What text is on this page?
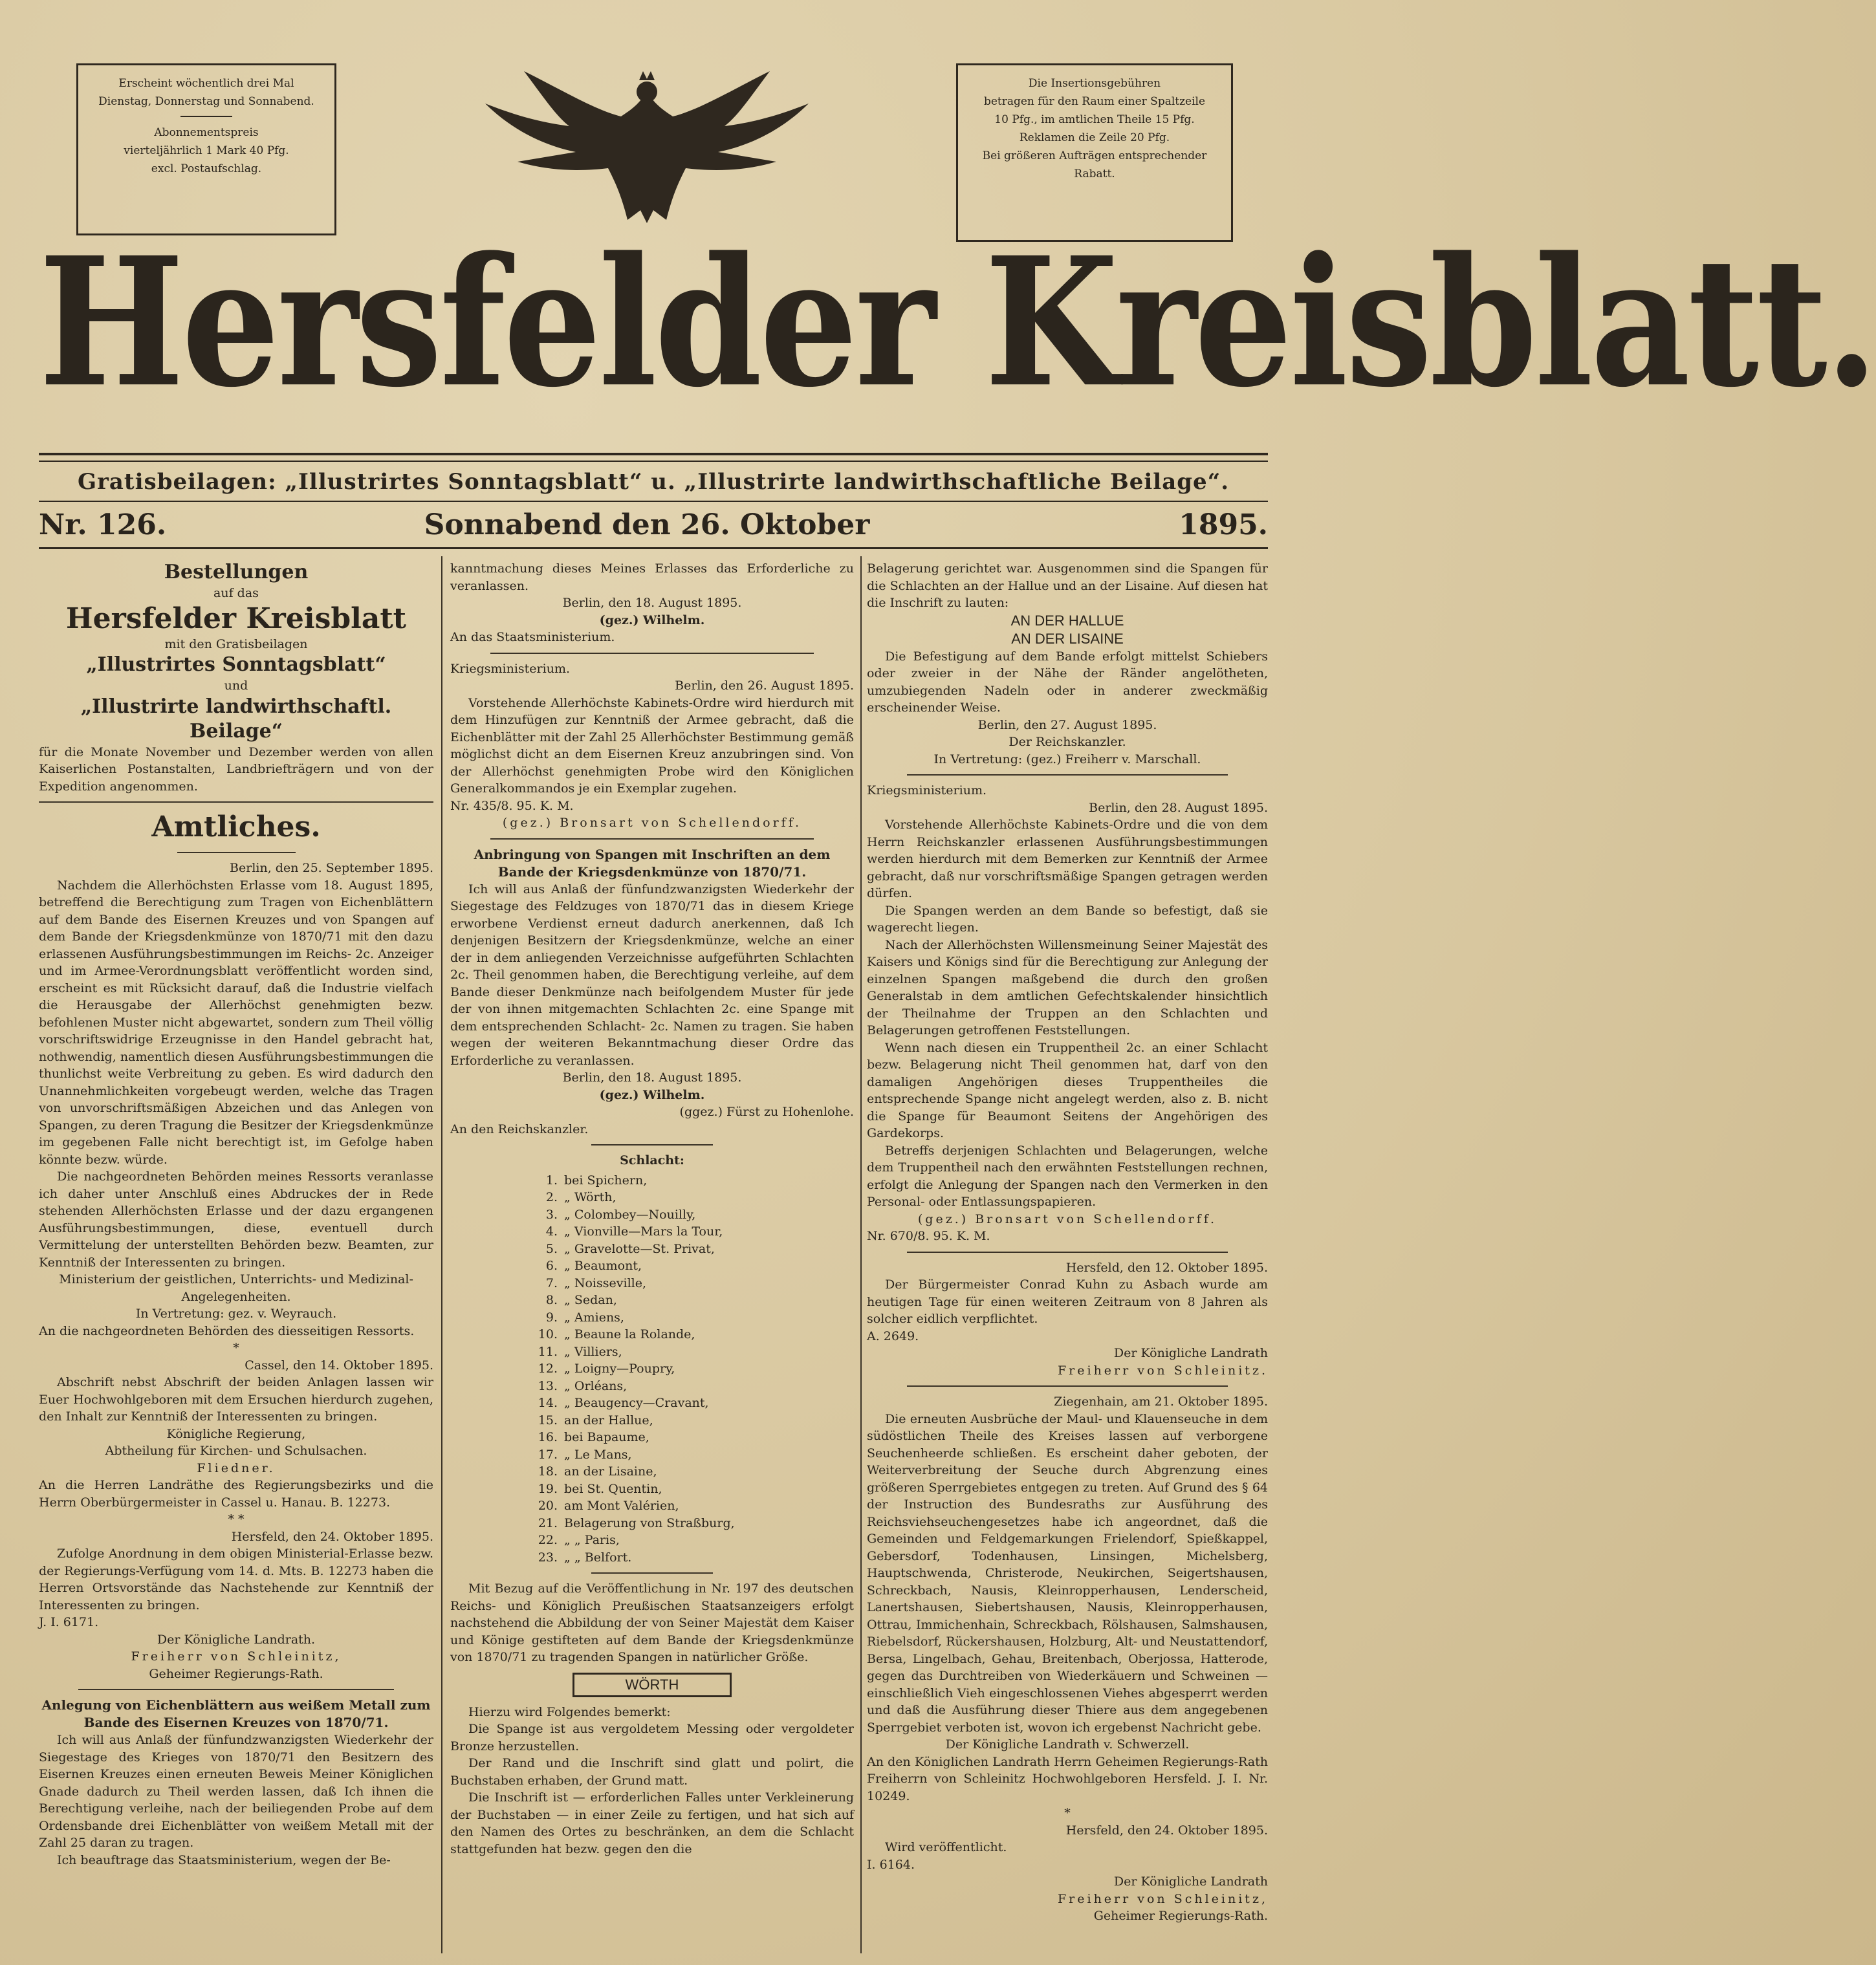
Erscheint wöchentlich drei Mal
Dienstag, Donnerstag und Sonnabend.
Abonnementspreis
vierteljährlich 1 Mark 40 Pfg.
excl. Postaufschlag.
Die Insertionsgebühren
betragen für den Raum einer Spaltzeile
10 Pfg., im amtlichen Theile 15 Pfg.
Reklamen die Zeile 20 Pfg.
Bei größeren Aufträgen entsprechender
Rabatt.
Hersfelder Kreisblatt.
Gratisbeilagen: „Illustrirtes Sonntagsblatt“ u. „Illustrirte landwirthschaftliche Beilage“.
Nr. 126.	Sonnabend den 26. Oktober	1895.

Bestellungen

auf das

Hersfelder Kreisblatt

mit den Gratisbeilagen

„Illustrirtes Sonntagsblatt“

und

„Illustrirte landwirthschaftl. Beilage“

für die Monate November und Dezember werden von allen Kaiserlichen Postanstalten, Landbriefträgern und von der Expedition angenommen.

Amtliches.

Berlin, den 25. September 1895.

Nachdem die Allerhöchsten Erlasse vom 18. August 1895, betreffend die Berechtigung zum Tragen von Eichenblättern auf dem Bande des Eisernen Kreuzes und von Spangen auf dem Bande der Kriegsdenkmünze von 1870/71 mit den dazu erlassenen Ausführungsbestimmungen im Reichs- 2c. Anzeiger und im Armee-Verordnungsblatt veröffentlicht worden sind, erscheint es mit Rücksicht darauf, daß die Industrie vielfach die Herausgabe der Allerhöchst genehmigten bezw. befohlenen Muster nicht abgewartet, sondern zum Theil völlig vorschriftswidrige Erzeugnisse in den Handel gebracht hat, nothwendig, namentlich diesen Ausführungsbestimmungen die thunlichst weite Verbreitung zu geben. Es wird dadurch den Unannehmlichkeiten vorgebeugt werden, welche das Tragen von unvorschriftsmäßigen Abzeichen und das Anlegen von Spangen, zu deren Tragung die Besitzer der Kriegsdenkmünze im gegebenen Falle nicht berechtigt ist, im Gefolge haben könnte bezw. würde.

Die nachgeordneten Behörden meines Ressorts veranlasse ich daher unter Anschluß eines Abdruckes der in Rede stehenden Allerhöchsten Erlasse und der dazu ergangenen Ausführungsbestimmungen, diese, eventuell durch Vermittelung der unterstellten Behörden bezw. Beamten, zur Kenntniß der Interessenten zu bringen.

Ministerium der geistlichen, Unterrichts- und Medizinal-Angelegenheiten.

In Vertretung: gez. v. Weyrauch.

An die nachgeordneten Behörden des diesseitigen Ressorts.

*

Cassel, den 14. Oktober 1895.

Abschrift nebst Abschrift der beiden Anlagen lassen wir Euer Hochwohlgeboren mit dem Ersuchen hierdurch zugehen, den Inhalt zur Kenntniß der Interessenten zu bringen.

Königliche Regierung,

Abtheilung für Kirchen- und Schulsachen.

Fliedner.

An die Herren Landräthe des Regierungsbezirks und die Herrn Oberbürgermeister in Cassel u. Hanau. B. 12273.

* *

Hersfeld, den 24. Oktober 1895.

Zufolge Anordnung in dem obigen Ministerial-Erlasse bezw. der Regierungs-Verfügung vom 14. d. Mts. B. 12273 haben die Herren Ortsvorstände das Nachstehende zur Kenntniß der Interessenten zu bringen.

J. I. 6171.

Der Königliche Landrath.

Freiherr von Schleinitz,

Geheimer Regierungs-Rath.

Anlegung von Eichenblättern aus weißem Metall zum Bande des Eisernen Kreuzes von 1870/71.

Ich will aus Anlaß der fünfundzwanzigsten Wiederkehr der Siegestage des Krieges von 1870/71 den Besitzern des Eisernen Kreuzes einen erneuten Beweis Meiner Königlichen Gnade dadurch zu Theil werden lassen, daß Ich ihnen die Berechtigung verleihe, nach der beiliegenden Probe auf dem Ordensbande drei Eichenblätter von weißem Metall mit der Zahl 25 daran zu tragen.

Ich beauftrage das Staatsministerium, wegen der Be-

kanntmachung dieses Meines Erlasses das Erforderliche zu veranlassen.

Berlin, den 18. August 1895.

(gez.) Wilhelm.

An das Staatsministerium.

Kriegsministerium.

Berlin, den 26. August 1895.

Vorstehende Allerhöchste Kabinets-Ordre wird hierdurch mit dem Hinzufügen zur Kenntniß der Armee gebracht, daß die Eichenblätter mit der Zahl 25 Allerhöchster Bestimmung gemäß möglichst dicht an dem Eisernen Kreuz anzubringen sind. Von der Allerhöchst genehmigten Probe wird den Königlichen Generalkommandos je ein Exemplar zugehen.

Nr. 435/8. 95. K. M.

(gez.) Bronsart von Schellendorff.

Anbringung von Spangen mit Inschriften an dem Bande der Kriegsdenkmünze von 1870/71.

Ich will aus Anlaß der fünfundzwanzigsten Wiederkehr der Siegestage des Feldzuges von 1870/71 das in diesem Kriege erworbene Verdienst erneut dadurch anerkennen, daß Ich denjenigen Besitzern der Kriegsdenkmünze, welche an einer der in dem anliegenden Verzeichnisse aufgeführten Schlachten 2c. Theil genommen haben, die Berechtigung verleihe, auf dem Bande dieser Denkmünze nach beifolgendem Muster für jede der von ihnen mitgemachten Schlachten 2c. eine Spange mit dem entsprechenden Schlacht- 2c. Namen zu tragen. Sie haben wegen der weiteren Bekanntmachung dieser Ordre das Erforderliche zu veranlassen.

Berlin, den 18. August 1895.

(gez.) Wilhelm.

(ggez.) Fürst zu Hohenlohe.

An den Reichskanzler.

Schlacht:

1. bei Spichern,
2. „ Wörth,
3. „ Colombey—Nouilly,
4. „ Vionville—Mars la Tour,
5. „ Gravelotte—St. Privat,
6. „ Beaumont,
7. „ Noisseville,
8. „ Sedan,
9. „ Amiens,
10. „ Beaune la Rolande,
11. „ Villiers,
12. „ Loigny—Poupry,
13. „ Orléans,
14. „ Beaugency—Cravant,
15. an der Hallue,
16. bei Bapaume,
17. „ Le Mans,
18. an der Lisaine,
19. bei St. Quentin,
20. am Mont Valérien,
21. Belagerung von Straßburg,
22. „ „ Paris,
23. „ „ Belfort.

Mit Bezug auf die Veröffentlichung in Nr. 197 des deutschen Reichs- und Königlich Preußischen Staatsanzeigers erfolgt nachstehend die Abbildung der von Seiner Majestät dem Kaiser und Könige gestifteten auf dem Bande der Kriegsdenkmünze von 1870/71 zu tragenden Spangen in natürlicher Größe.

WÖRTH

Hierzu wird Folgendes bemerkt:

Die Spange ist aus vergoldetem Messing oder vergoldeter Bronze herzustellen.

Der Rand und die Inschrift sind glatt und polirt, die Buchstaben erhaben, der Grund matt.

Die Inschrift ist — erforderlichen Falles unter Verkleinerung der Buchstaben — in einer Zeile zu fertigen, und hat sich auf den Namen des Ortes zu beschränken, an dem die Schlacht stattgefunden hat bezw. gegen den die

Belagerung gerichtet war. Ausgenommen sind die Spangen für die Schlachten an der Hallue und an der Lisaine. Auf diesen hat die Inschrift zu lauten:

AN DER HALLUE

AN DER LISAINE

Die Befestigung auf dem Bande erfolgt mittelst Schiebers oder zweier in der Nähe der Ränder angelötheten, umzubiegenden Nadeln oder in anderer zweckmäßig erscheinender Weise.

Berlin, den 27. August 1895.

Der Reichskanzler.

In Vertretung: (gez.) Freiherr v. Marschall.

Kriegsministerium.

Berlin, den 28. August 1895.

Vorstehende Allerhöchste Kabinets-Ordre und die von dem Herrn Reichskanzler erlassenen Ausführungsbestimmungen werden hierdurch mit dem Bemerken zur Kenntniß der Armee gebracht, daß nur vorschriftsmäßige Spangen getragen werden dürfen.

Die Spangen werden an dem Bande so befestigt, daß sie wagerecht liegen.

Nach der Allerhöchsten Willensmeinung Seiner Majestät des Kaisers und Königs sind für die Berechtigung zur Anlegung der einzelnen Spangen maßgebend die durch den großen Generalstab in dem amtlichen Gefechtskalender hinsichtlich der Theilnahme der Truppen an den Schlachten und Belagerungen getroffenen Feststellungen.

Wenn nach diesen ein Truppentheil 2c. an einer Schlacht bezw. Belagerung nicht Theil genommen hat, darf von den damaligen Angehörigen dieses Truppentheiles die entsprechende Spange nicht angelegt werden, also z. B. nicht die Spange für Beaumont Seitens der Angehörigen des Gardekorps.

Betreffs derjenigen Schlachten und Belagerungen, welche dem Truppentheil nach den erwähnten Feststellungen rechnen, erfolgt die Anlegung der Spangen nach den Vermerken in den Personal- oder Entlassungspapieren.

(gez.) Bronsart von Schellendorff.

Nr. 670/8. 95. K. M.

Hersfeld, den 12. Oktober 1895.

Der Bürgermeister Conrad Kuhn zu Asbach wurde am heutigen Tage für einen weiteren Zeitraum von 8 Jahren als solcher eidlich verpflichtet.

A. 2649.

Der Königliche Landrath

Freiherr von Schleinitz.

Ziegenhain, am 21. Oktober 1895.

Die erneuten Ausbrüche der Maul- und Klauenseuche in dem südöstlichen Theile des Kreises lassen auf verborgene Seuchenheerde schließen. Es erscheint daher geboten, der Weiterverbreitung der Seuche durch Abgrenzung eines größeren Sperrgebietes entgegen zu treten. Auf Grund des § 64 der Instruction des Bundesraths zur Ausführung des Reichsviehseuchengesetzes habe ich angeordnet, daß die Gemeinden und Feldgemarkungen Frielendorf, Spießkappel, Gebersdorf, Todenhausen, Linsingen, Michelsberg, Hauptschwenda, Christerode, Neukirchen, Seigertshausen, Schreckbach, Nausis, Kleinropperhausen, Lenderscheid, Lanertshausen, Siebertshausen, Nausis, Kleinropperhausen, Ottrau, Immichenhain, Schreckbach, Rölshausen, Salmshausen, Riebelsdorf, Rückershausen, Holzburg, Alt- und Neustattendorf, Bersa, Lingelbach, Gehau, Breitenbach, Oberjossa, Hatterode, gegen das Durchtreiben von Wiederkäuern und Schweinen — einschließlich Vieh eingeschlossenen Viehes abgesperrt werden und daß die Ausführung dieser Thiere aus dem angegebenen Sperrgebiet verboten ist, wovon ich ergebenst Nachricht gebe.

Der Königliche Landrath v. Schwerzell.

An den Königlichen Landrath Herrn Geheimen Regierungs-Rath Freiherrn von Schleinitz Hochwohlgeboren Hersfeld. J. I. Nr. 10249.

*

Hersfeld, den 24. Oktober 1895.

Wird veröffentlicht.

I. 6164.

Der Königliche Landrath

Freiherr von Schleinitz,

Geheimer Regierungs-Rath.
